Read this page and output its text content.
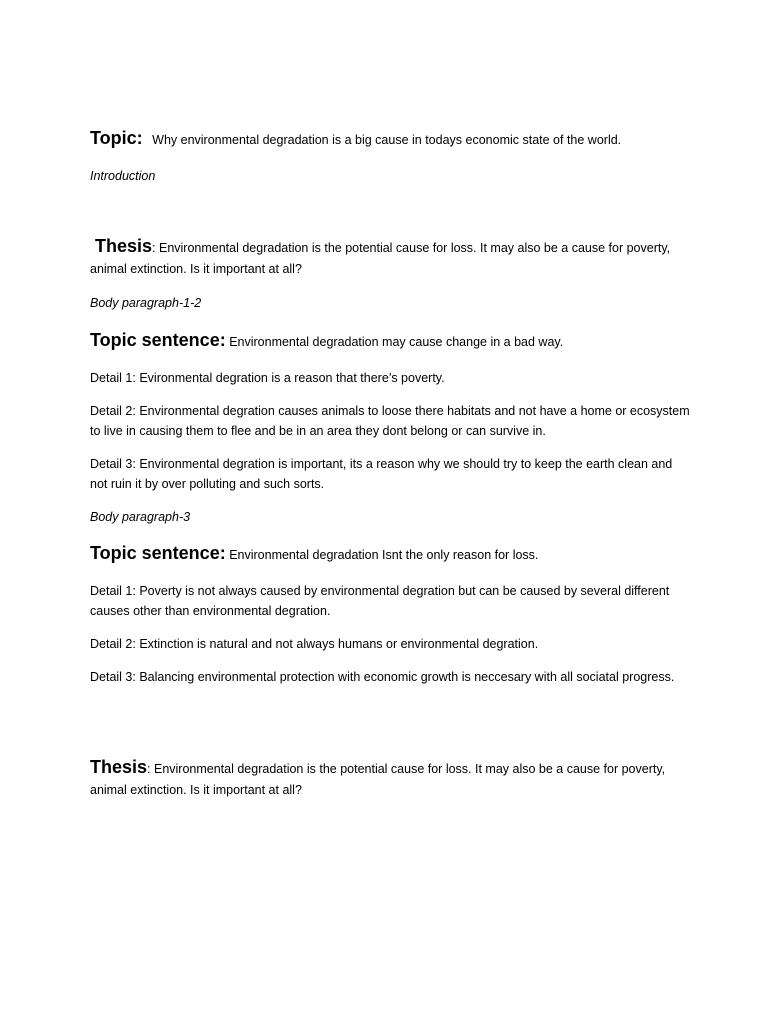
Topic: Why environmental degradation is a big cause in todays economic state of the world.
Introduction
Thesis: Environmental degradation is the potential cause for loss. It may also be a cause for poverty, animal extinction. Is it important at all?
Body paragraph-1-2
Topic sentence: Environmental degradation may cause change in a bad way.
Detail 1: Evironmental degration is a reason that there’s poverty.
Detail 2: Environmental degration causes animals to loose there habitats and not have a home or ecosystem to live in causing them to flee and be in an area they dont belong or can survive in.
Detail 3: Environmental degration is important, its a reason why we should try to keep the earth clean and not ruin it by over polluting and such sorts.
Body paragraph-3
Topic sentence: Environmental degradation Isnt the only reason for loss.
Detail 1: Poverty is not always caused by environmental degration but can be caused by several different causes other than environmental degration.
Detail 2: Extinction is natural and not always humans or environmental degration.
Detail 3: Balancing environmental protection with economic growth is neccesary with all sociatal progress.
Thesis: Environmental degradation is the potential cause for loss. It may also be a cause for poverty, animal extinction. Is it important at all?
